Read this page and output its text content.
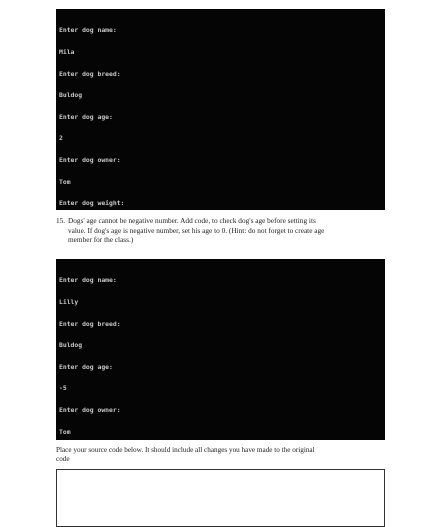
Enter dog name:

Mila

Enter dog breed:

Buldog

Enter dog age:

2

Enter dog owner:

Tom

Enter dog weight:

15. Dogs' age cannot be negative number. Add code, to check dog's age before setting its
value. If dog's age is negative number, set his age to 0. (Hint: do not forget to create age
member for the class.)

Enter dog name:

Lilly

Enter dog breed:

Buldog

Enter dog age:

-5

Enter dog owner:

Tom

Place your source code below. It should include all changes you have made to the original
code
